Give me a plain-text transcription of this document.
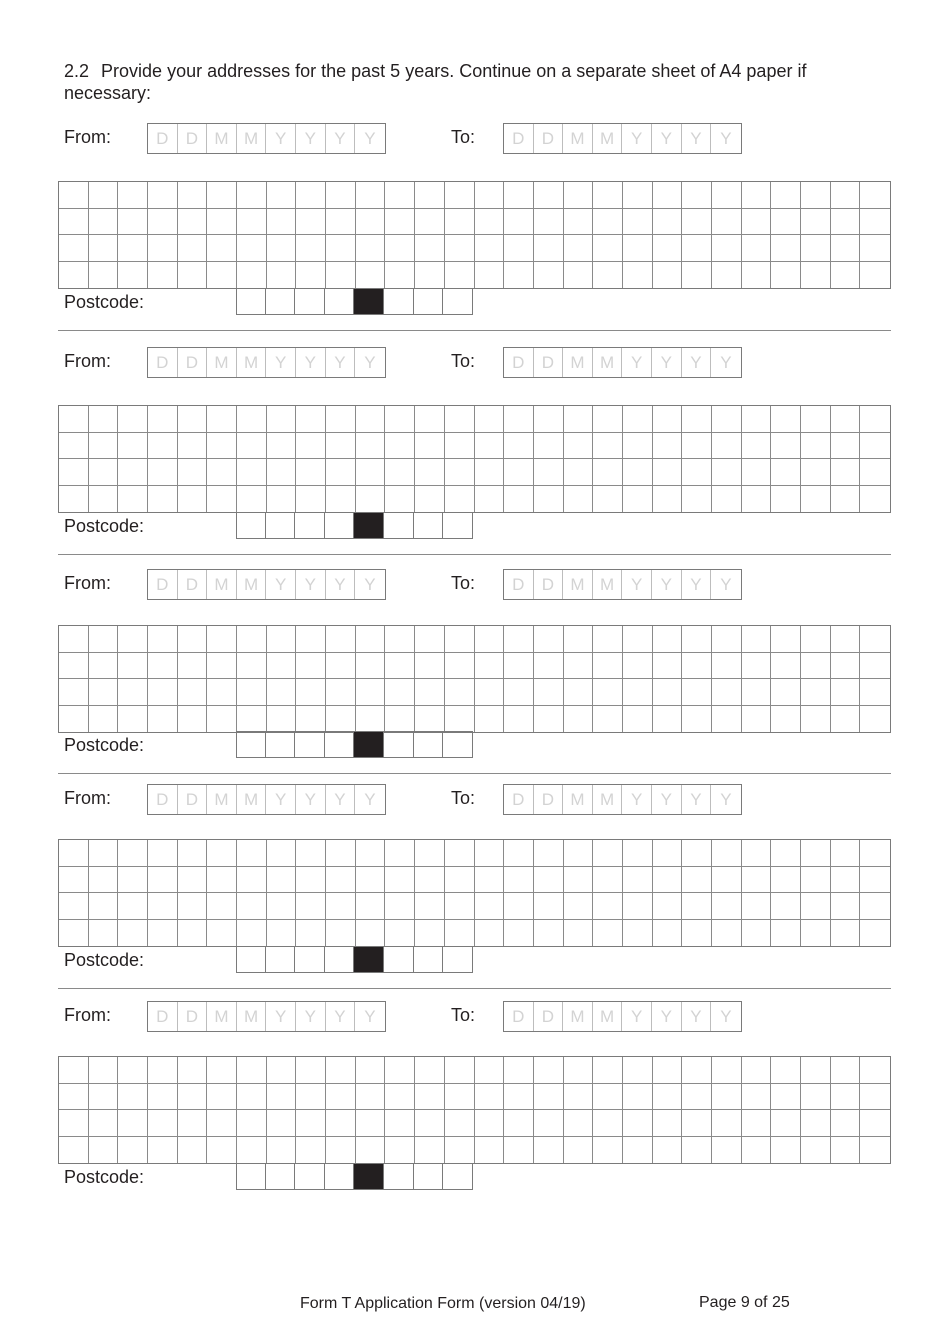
2.2 Provide your addresses for the past 5 years. Continue on a separate sheet of A4 paper if necessary:

From:	D	D M M Y	Y	Y	Y	To:	D	D M M Y	Y	Y	Y
Postcode:
From:	D	D M M Y	Y	Y	Y	To:	D	D M M Y	Y	Y	Y
Postcode:
From:	D	D M M Y	Y	Y	Y	To:	D	D M M Y	Y	Y	Y
Postcode:
From:	D	D M M Y	Y	Y	Y	To:	D	D M M Y	Y	Y	Y
Postcode:
From:	D	D M M Y	Y	Y	Y	To:	D	D M M Y	Y	Y	Y
Postcode:
Form T Application Form (version 04/19)	Page 9 of 25
